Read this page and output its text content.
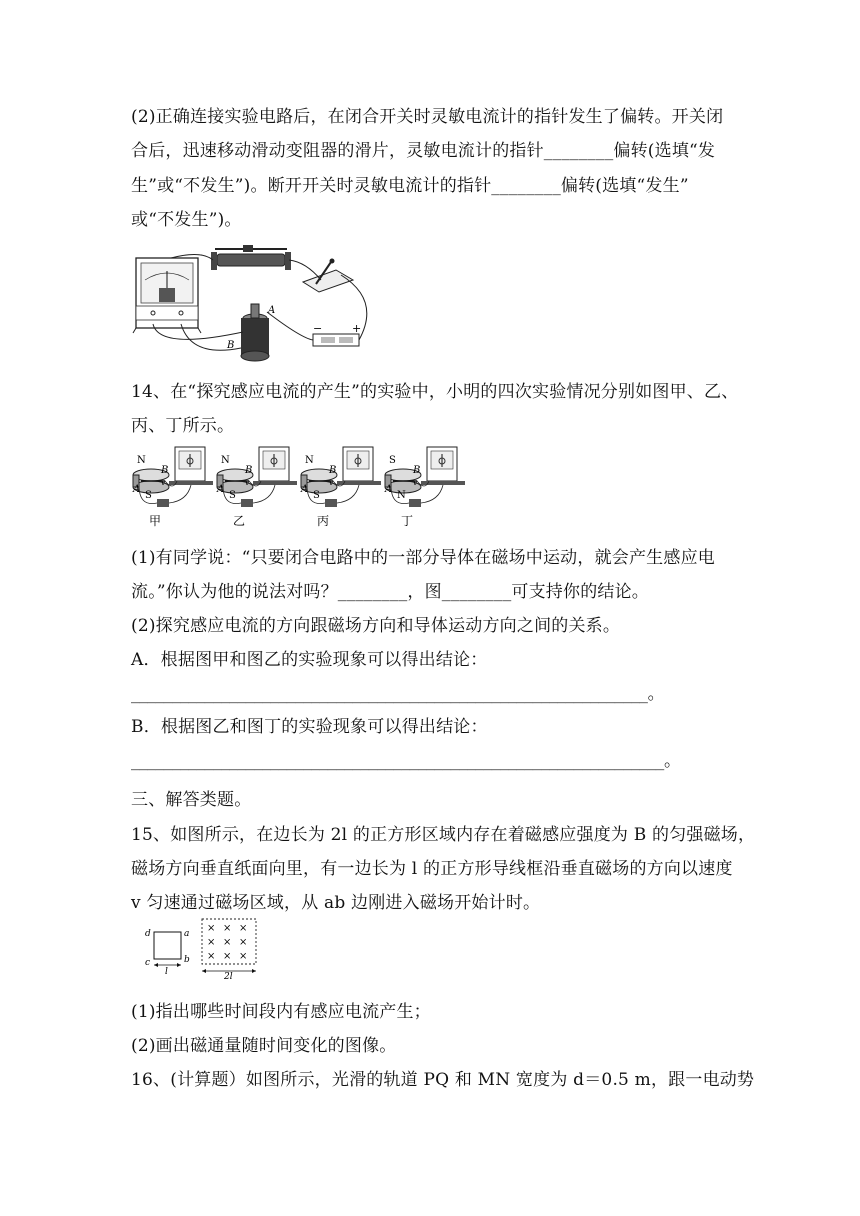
(2)正确连接实验电路后，在闭合开关时灵敏电流计的指针发生了偏转。开关闭
合后，迅速移动滑动变阻器的滑片，灵敏电流计的指针________偏转(选填“发
生”或“不发生”)。断开开关时灵敏电流计的指针________偏转(选填“发生”
或“不发生”)。
A
B
−	+
14、在“探究感应电流的产生”的实验中，小明的四次实验情况分别如图甲、乙、
丙、丁所示。
N
S
A
B
v
甲
N
S
A
B
v
乙
N
S
A
B
v
丙
S
N
A
B
v
丁
(1)有同学说：“只要闭合电路中的一部分导体在磁场中运动，就会产生感应电
流。”你认为他的说法对吗？________，图________可支持你的结论。
(2)探究感应电流的方向跟磁场方向和导体运动方向之间的关系。
A．根据图甲和图乙的实验现象可以得出结论：
_______________________________________________________________。
B．根据图乙和图丁的实验现象可以得出结论：
_________________________________________________________________。
三、解答类题。
15、如图所示，在边长为 2l 的正方形区域内存在着磁感应强度为 B 的匀强磁场，
磁场方向垂直纸面向里，有一边长为 l 的正方形导线框沿垂直磁场的方向以速度
v 匀速通过磁场区域，从 ab 边刚进入磁场开始计时。
d	a
b
c
l
× × ×
× × ×
× × ×
2l
(1)指出哪些时间段内有感应电流产生；
(2)画出磁通量随时间变化的图像。
16、(计算题）如图所示，光滑的轨道 PQ 和 MN 宽度为 d＝0.5 m，跟一电动势
